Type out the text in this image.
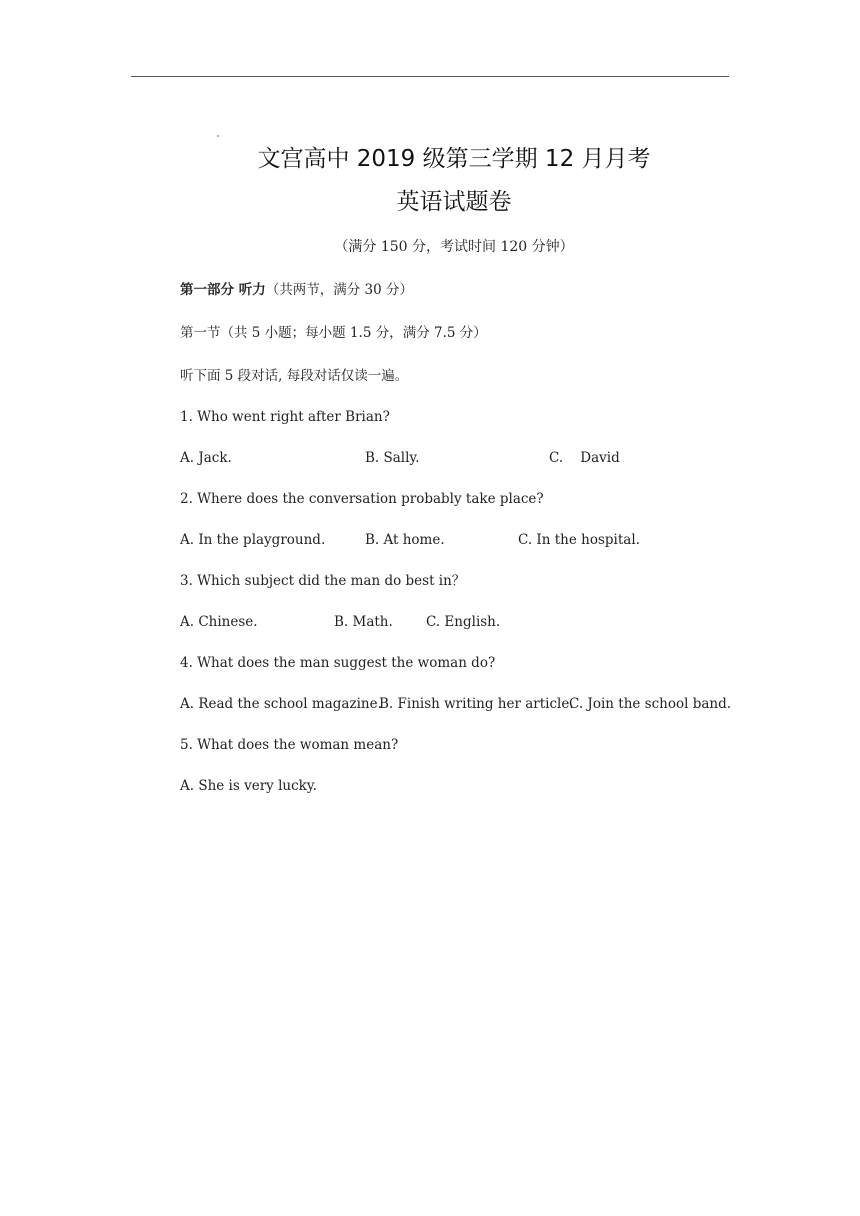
文宫高中 2019 级第三学期 12 月月考
英语试题卷
（满分 150 分，考试时间 120 分钟）
第一部分 听力（共两节，满分 30 分）
第一节（共 5 小题；每小题 1.5 分，满分 7.5 分）
听下面 5 段对话, 每段对话仅读一遍。
1. Who went right after Brian?
A. Jack.	B. Sally.	C.    David
2. Where does the conversation probably take place?
A. In the playground.	B. At home.	C. In the hospital.
3. Which subject did the man do best in？
A. Chinese.	B. Math. C. English.
4. What does the man suggest the woman do?
A. Read the school magazine.
B. Finish writing her article.
C. Join the school band.
5. What does the woman mean?
A. She is very lucky.
